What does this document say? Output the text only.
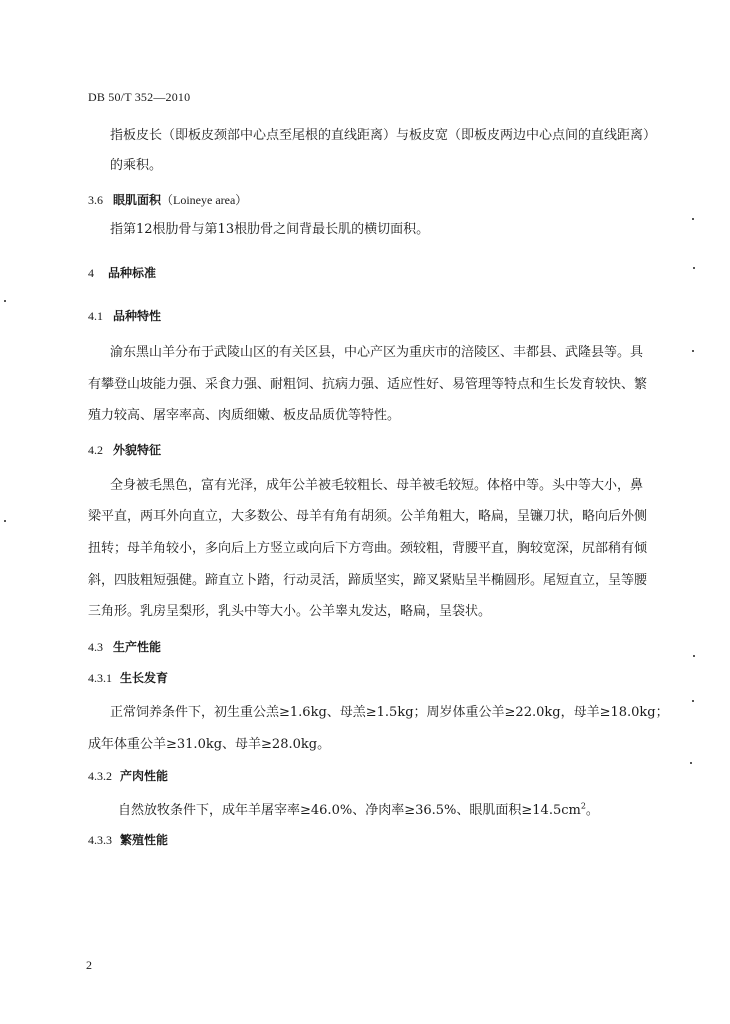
DB 50/T 352—2010
指板皮长（即板皮颈部中心点至尾根的直线距离）与板皮宽（即板皮两边中心点间的直线距离）
的乘积。
3.6 眼肌面积（Loineye area）
指第12根肋骨与第13根肋骨之间背最长肌的横切面积。
4 品种标准
4.1 品种特性
渝东黑山羊分布于武陵山区的有关区县，中心产区为重庆市的涪陵区、丰都县、武隆县等。具
有攀登山坡能力强、采食力强、耐粗饲、抗病力强、适应性好、易管理等特点和生长发育较快、繁
殖力较高、屠宰率高、肉质细嫩、板皮品质优等特性。
4.2 外貌特征
全身被毛黑色，富有光泽，成年公羊被毛较粗长、母羊被毛较短。体格中等。头中等大小，鼻
梁平直，两耳外向直立，大多数公、母羊有角有胡须。公羊角粗大，略扁，呈镰刀状，略向后外侧
扭转；母羊角较小，多向后上方竖立或向后下方弯曲。颈较粗，背腰平直，胸较宽深，尻部稍有倾
斜，四肢粗短强健。蹄直立卜踏，行动灵活，蹄质坚实，蹄叉紧贴呈半椭圆形。尾短直立，呈等腰
三角形。乳房呈梨形，乳头中等大小。公羊睾丸发达，略扁，呈袋状。
4.3 生产性能
4.3.1 生长发育
正常饲养条件下，初生重公羔≥1.6kg、母羔≥1.5kg；周岁体重公羊≥22.0kg，母羊≥18.0kg；
成年体重公羊≥31.0kg、母羊≥28.0kg。
4.3.2 产肉性能
自然放牧条件下，成年羊屠宰率≥46.0%、净肉率≥36.5%、眼肌面积$\ge 14.5cm^2$。
4.3.3 繁殖性能
2
